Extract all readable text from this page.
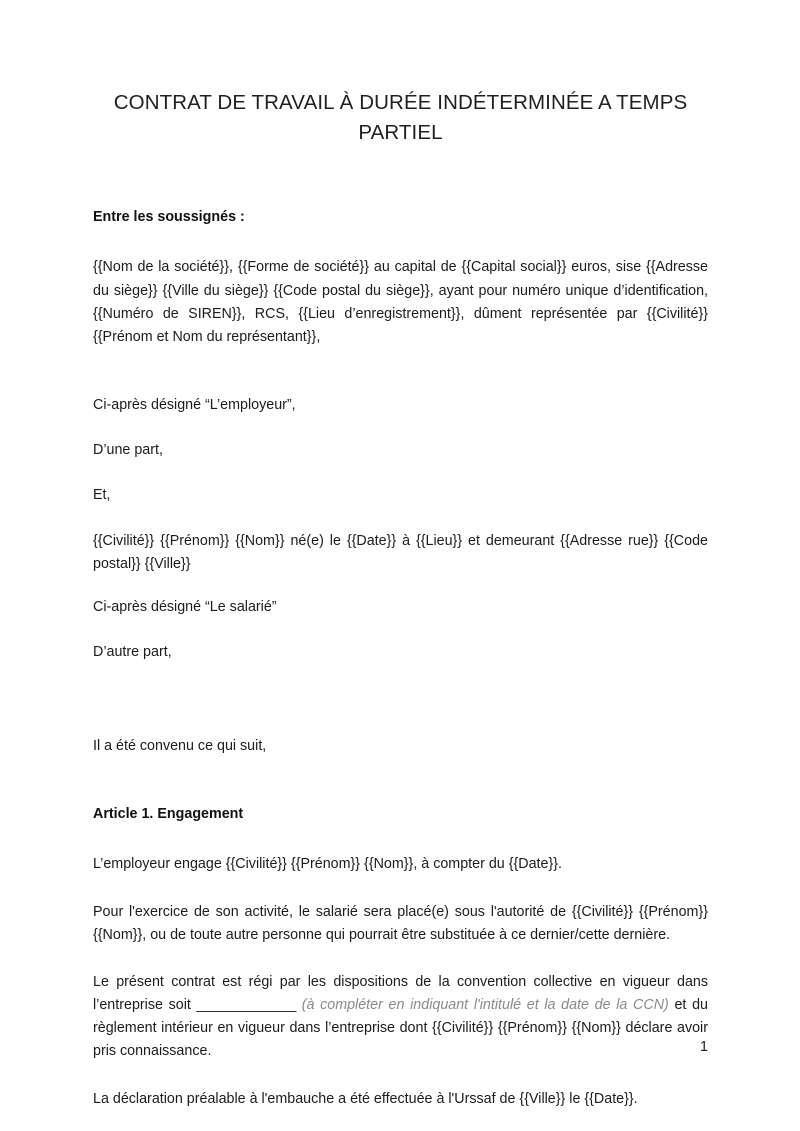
CONTRAT DE TRAVAIL À DURÉE INDÉTERMINÉE A TEMPS PARTIEL

Entre les soussignés :

{{Nom de la société}}, {{Forme de société}} au capital de {{Capital social}} euros, sise {{Adresse du siège}} {{Ville du siège}} {{Code postal du siège}}, ayant pour numéro unique d’identification, {{Numéro de SIREN}}, RCS, {{Lieu d’enregistrement}}, dûment représentée par {{Civilité}} {{Prénom et Nom du représentant}},

Ci-après désigné “L’employeur”,

D’une part,

Et,

{{Civilité}} {{Prénom}} {{Nom}} né(e) le {{Date}} à {{Lieu}} et demeurant {{Adresse rue}} {{Code postal}} {{Ville}}

Ci-après désigné “Le salarié”

D’autre part,

Il a été convenu ce qui suit,

Article 1. Engagement

L’employeur engage {{Civilité}} {{Prénom}} {{Nom}}, à compter du {{Date}}.

Pour l'exercice de son activité, le salarié sera placé(e) sous l'autorité de {{Civilité}} {{Prénom}} {{Nom}}, ou de toute autre personne qui pourrait être substituée à ce dernier/cette dernière.

Le présent contrat est régi par les dispositions de la convention collective en vigueur dans l’entreprise soit _____________ (à compléter en indiquant l'intitulé et la date de la CCN) et du règlement intérieur en vigueur dans l’entreprise dont {{Civilité}} {{Prénom}} {{Nom}} déclare avoir pris connaissance.

La déclaration préalable à l'embauche a été effectuée à l'Urssaf de {{Ville}} le {{Date}}.

1
